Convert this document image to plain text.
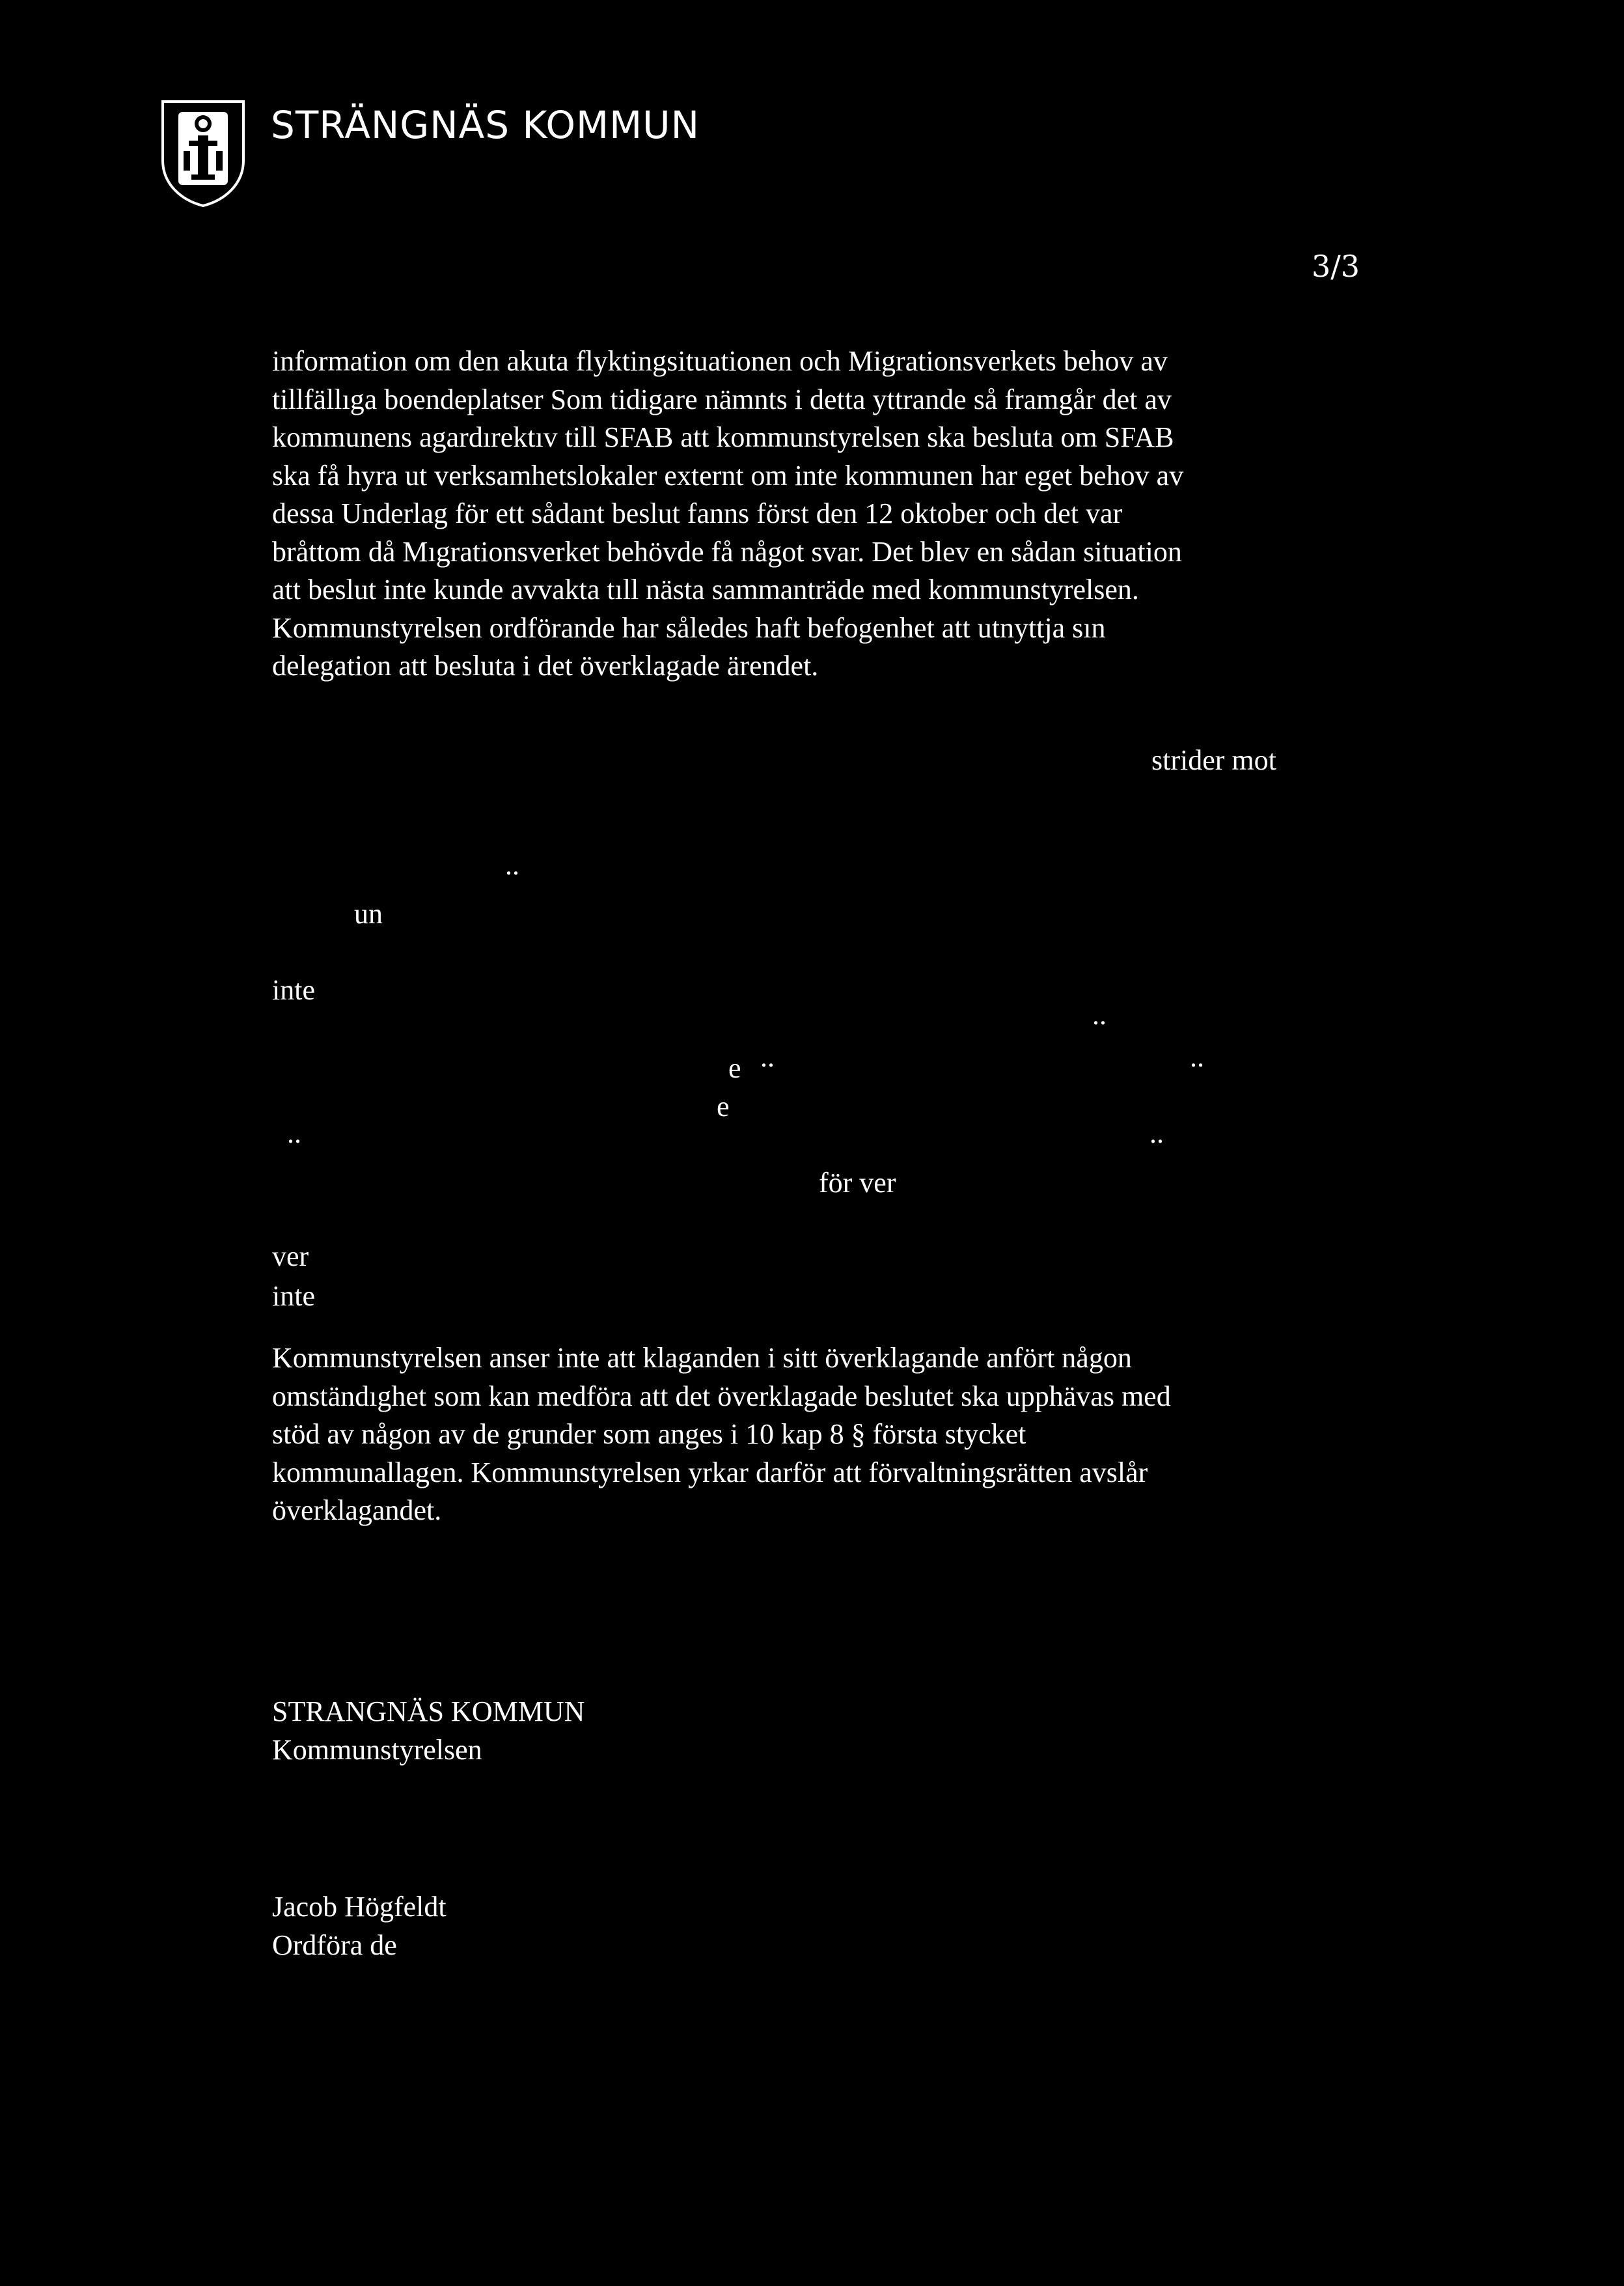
STRÄNGNÄS KOMMUN
3/3
information om den akuta flyktingsituationen och Migrationsverkets behov av
tillfällıga boendeplatser Som tidigare nämnts i detta yttrande så framgår det av
kommunens agardırektıv till SFAB att kommunstyrelsen ska besluta om SFAB
ska få hyra ut verksamhetslokaler externt om inte kommunen har eget behov av
dessa Underlag för ett sådant beslut fanns först den 12 oktober och det var
bråttom då Mıgrationsverket behövde få något svar. Det blev en sådan situation
att beslut inte kunde avvakta tıll nästa sammanträde med kommunstyrelsen.
Kommunstyrelsen ordförande har således haft befogenhet att utnyttja sın
delegation att besluta i det överklagade ärendet.
strider mot
..
un
inte
..
e ..	..
..
e
..
för ver
ver
inte
Kommunstyrelsen anser inte att klaganden i sitt överklagande anfört någon
omständıghet som kan medföra att det överklagade beslutet ska upphävas med
stöd av någon av de grunder som anges i 10 kap 8 § första stycket
kommunallagen. Kommunstyrelsen yrkar darför att förvaltningsrätten avslår
överklagandet.
STRANGNÄS KOMMUN
Kommunstyrelsen
Jacob Högfeldt
Ordföra de
